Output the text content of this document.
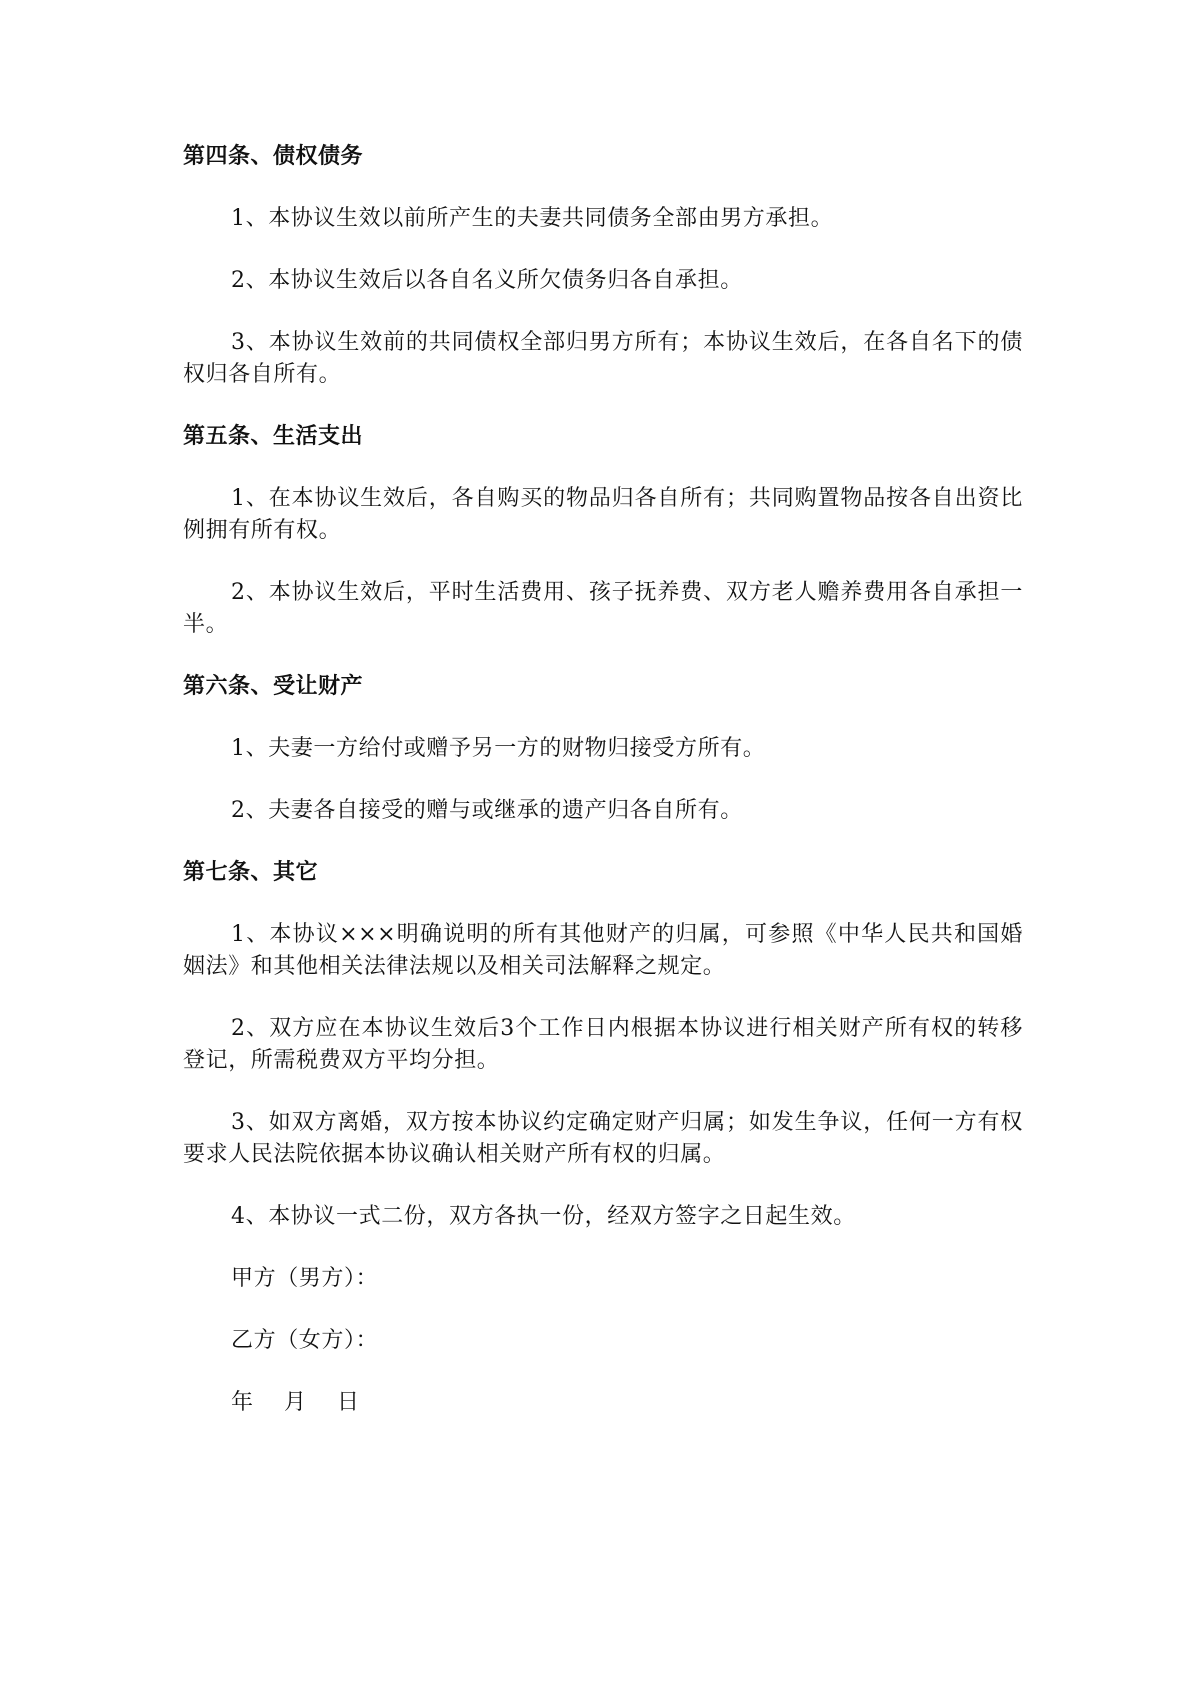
第四条、债权债务

1、本协议生效以前所产生的夫妻共同债务全部由男方承担。

2、本协议生效后以各自名义所欠债务归各自承担。

3、本协议生效前的共同债权全部归男方所有；本协议生效后，在各自名下的债权归各自所有。

第五条、生活支出

1、在本协议生效后，各自购买的物品归各自所有；共同购置物品按各自出资比例拥有所有权。

2、本协议生效后，平时生活费用、孩子抚养费、双方老人赡养费用各自承担一半。

第六条、受让财产

1、夫妻一方给付或赠予另一方的财物归接受方所有。

2、夫妻各自接受的赠与或继承的遗产归各自所有。

第七条、其它

1、本协议×××明确说明的所有其他财产的归属，可参照《中华人民共和国婚姻法》和其他相关法律法规以及相关司法解释之规定。

2、双方应在本协议生效后3个工作日内根据本协议进行相关财产所有权的转移登记，所需税费双方平均分担。

3、如双方离婚，双方按本协议约定确定财产归属；如发生争议，任何一方有权要求人民法院依据本协议确认相关财产所有权的归属。

4、本协议一式二份，双方各执一份，经双方签字之日起生效。

甲方（男方）：
乙方（女方）：
年    月    日
